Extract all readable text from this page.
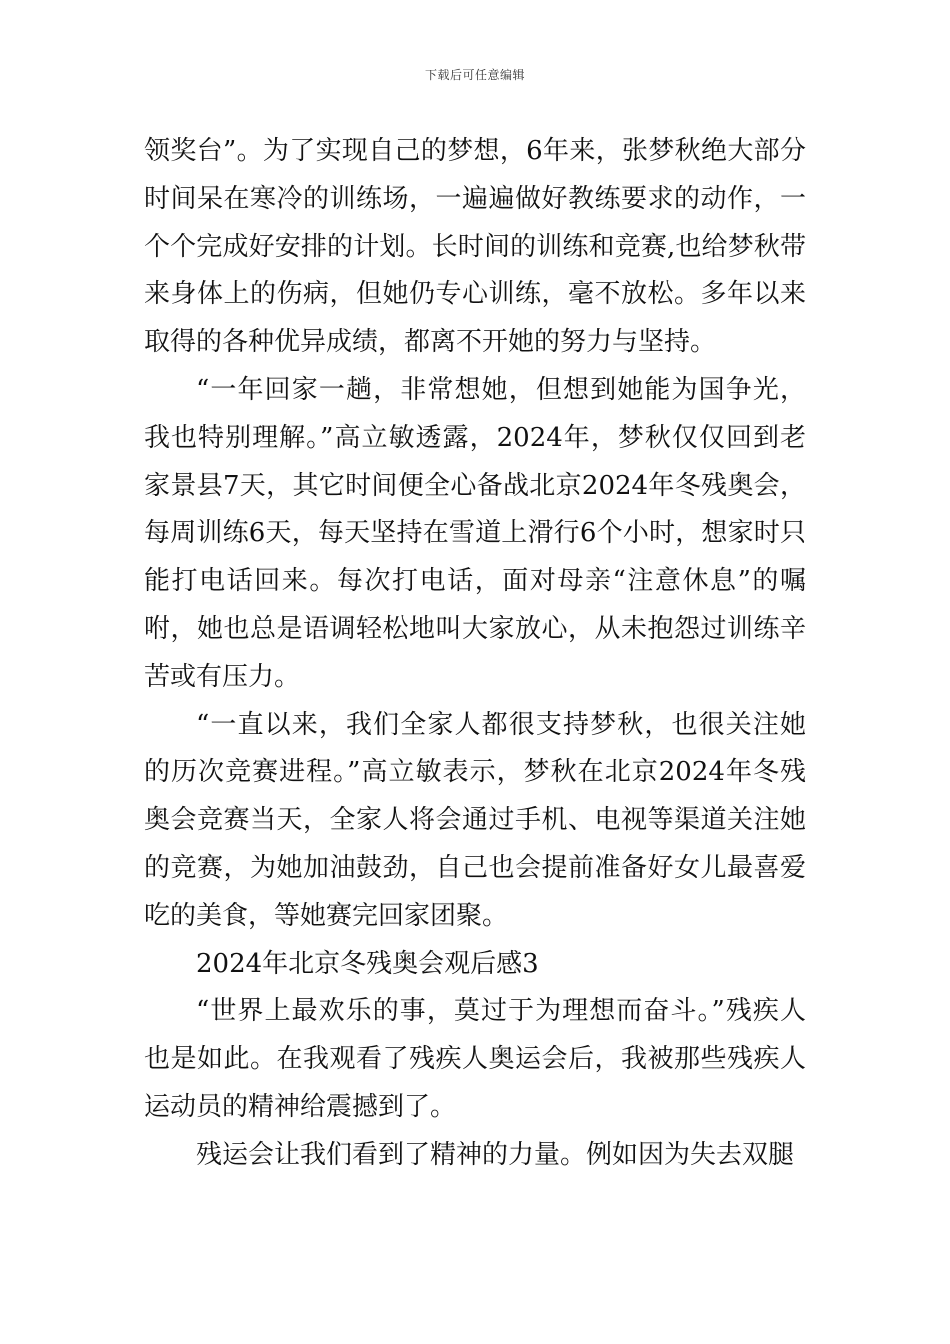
下载后可任意编辑

领奖台”。为了实现自己的梦想，6年来，张梦秋绝大部分时间呆在寒冷的训练场，一遍遍做好教练要求的动作，一个个完成好安排的计划。长时间的训练和竞赛,也给梦秋带来身体上的伤病，但她仍专心训练，毫不放松。多年以来取得的各种优异成绩，都离不开她的努力与坚持。

“一年回家一趟，非常想她，但想到她能为国争光，我也特别理解。”高立敏透露，2024年，梦秋仅仅回到老家景县7天，其它时间便全心备战北京2024年冬残奥会，每周训练6天，每天坚持在雪道上滑行6个小时，想家时只能打电话回来。每次打电话，面对母亲“注意休息”的嘱咐，她也总是语调轻松地叫大家放心，从未抱怨过训练辛苦或有压力。

“一直以来，我们全家人都很支持梦秋，也很关注她的历次竞赛进程。”高立敏表示，梦秋在北京2024年冬残奥会竞赛当天，全家人将会通过手机、电视等渠道关注她的竞赛，为她加油鼓劲，自己也会提前准备好女儿最喜爱吃的美食，等她赛完回家团聚。

2024年北京冬残奥会观后感3

“世界上最欢乐的事，莫过于为理想而奋斗。”残疾人也是如此。在我观看了残疾人奥运会后，我被那些残疾人运动员的精神给震撼到了。

残运会让我们看到了精神的力量。例如因为失去双腿
